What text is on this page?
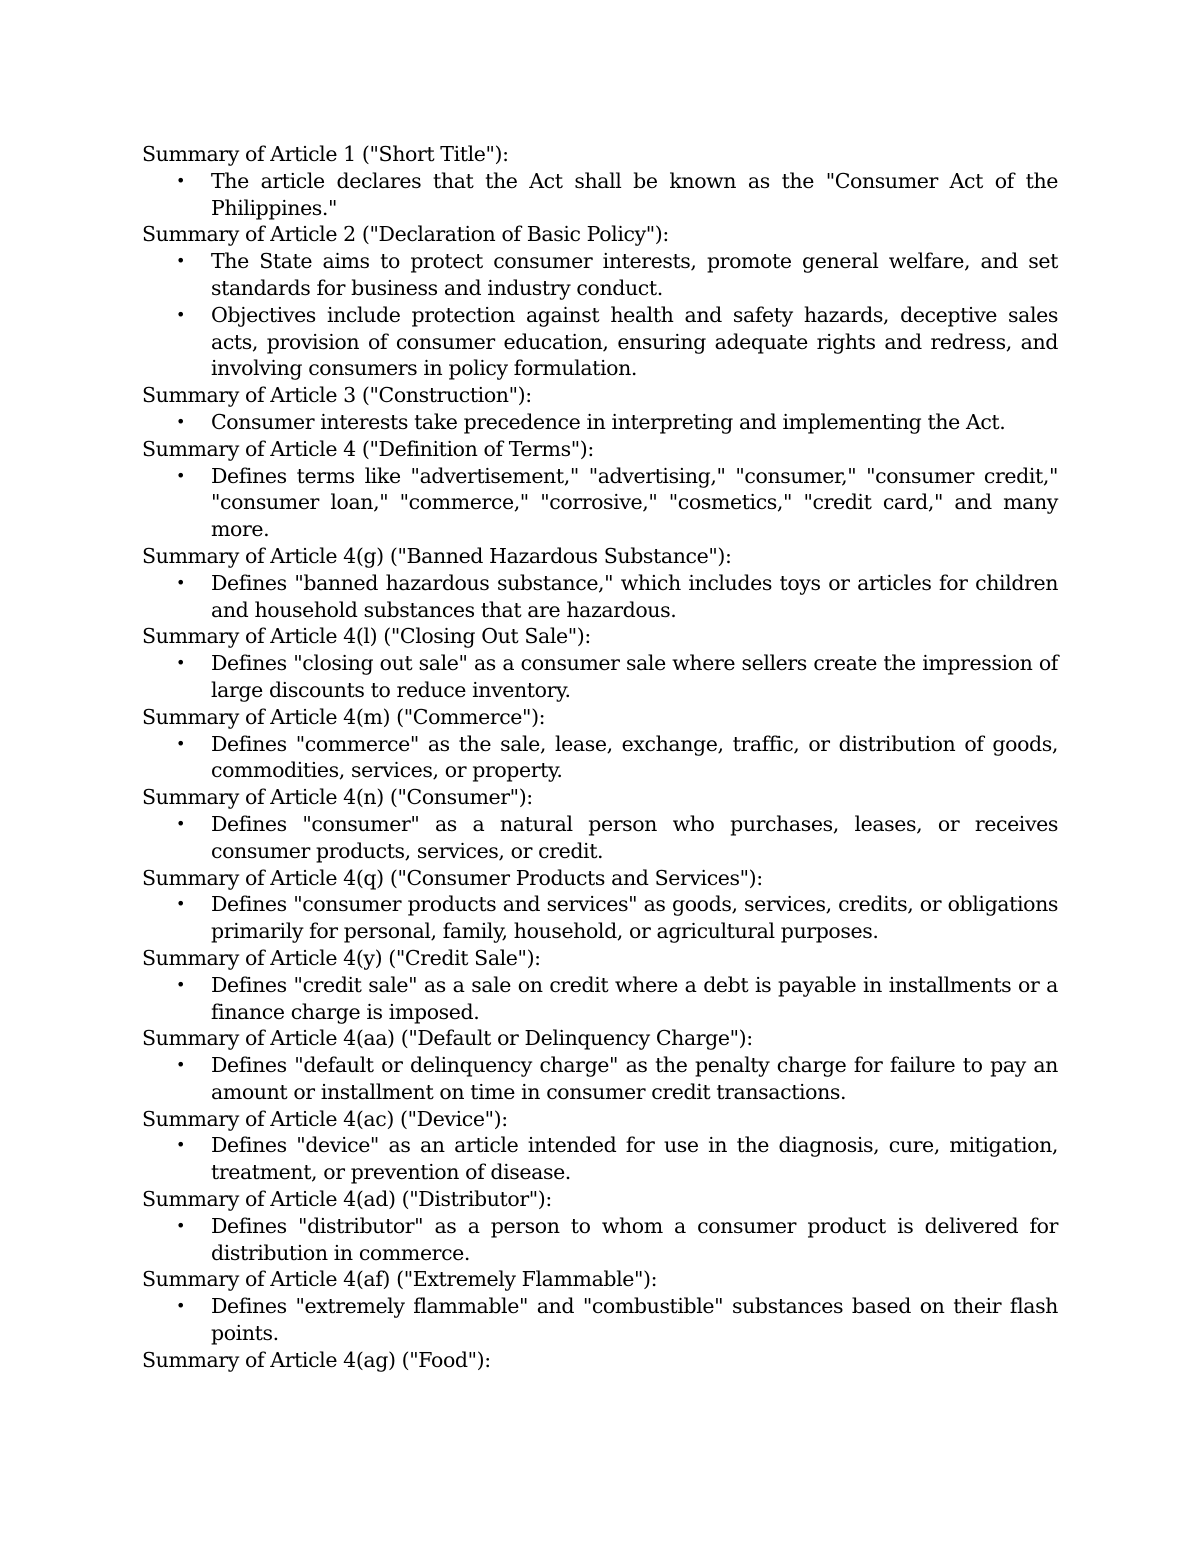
Summary of Article 1 ("Short Title"):

• The article declares that the Act shall be known as the "Consumer Act of the Philippines."

Summary of Article 2 ("Declaration of Basic Policy"):

• The State aims to protect consumer interests, promote general welfare, and set standards for business and industry conduct.
• Objectives include protection against health and safety hazards, deceptive sales acts, provision of consumer education, ensuring adequate rights and redress, and involving consumers in policy formulation.

Summary of Article 3 ("Construction"):

• Consumer interests take precedence in interpreting and implementing the Act.

Summary of Article 4 ("Definition of Terms"):

• Defines terms like "advertisement," "advertising," "consumer," "consumer credit," "consumer loan," "commerce," "corrosive," "cosmetics," "credit card," and many more.

Summary of Article 4(g) ("Banned Hazardous Substance"):

• Defines "banned hazardous substance," which includes toys or articles for children and household substances that are hazardous.

Summary of Article 4(l) ("Closing Out Sale"):

• Defines "closing out sale" as a consumer sale where sellers create the impression of large discounts to reduce inventory.

Summary of Article 4(m) ("Commerce"):

• Defines "commerce" as the sale, lease, exchange, traffic, or distribution of goods, commodities, services, or property.

Summary of Article 4(n) ("Consumer"):

• Defines "consumer" as a natural person who purchases, leases, or receives consumer products, services, or credit.

Summary of Article 4(q) ("Consumer Products and Services"):

• Defines "consumer products and services" as goods, services, credits, or obligations primarily for personal, family, household, or agricultural purposes.

Summary of Article 4(y) ("Credit Sale"):

• Defines "credit sale" as a sale on credit where a debt is payable in installments or a finance charge is imposed.

Summary of Article 4(aa) ("Default or Delinquency Charge"):

• Defines "default or delinquency charge" as the penalty charge for failure to pay an amount or installment on time in consumer credit transactions.

Summary of Article 4(ac) ("Device"):

• Defines "device" as an article intended for use in the diagnosis, cure, mitigation, treatment, or prevention of disease.

Summary of Article 4(ad) ("Distributor"):

• Defines "distributor" as a person to whom a consumer product is delivered for distribution in commerce.

Summary of Article 4(af) ("Extremely Flammable"):

• Defines "extremely flammable" and "combustible" substances based on their flash points.

Summary of Article 4(ag) ("Food"):
